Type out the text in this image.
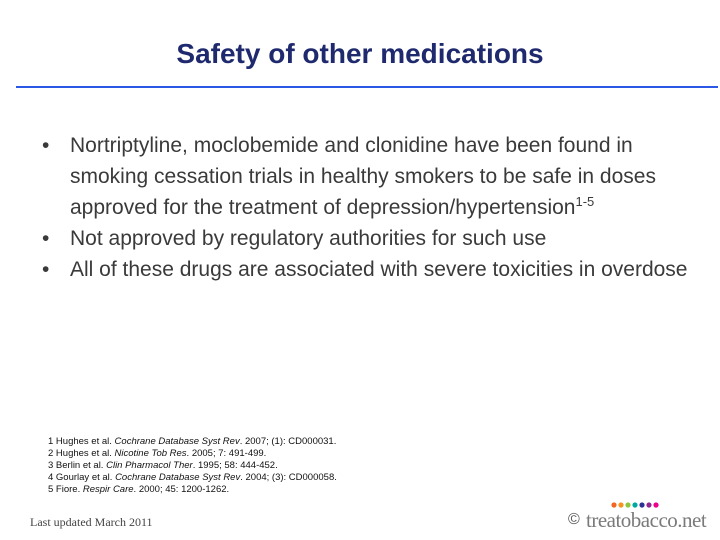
Safety of other medications
• Nortriptyline, moclobemide and clonidine have been found in smoking cessation trials in healthy smokers to be safe in doses approved for the treatment of depression/hypertension$^{1-5}$
• Not approved by regulatory authorities for such use
• All of these drugs are associated with severe toxicities in overdose
1 Hughes et al. Cochrane Database Syst Rev. 2007; (1): CD000031.
2 Hughes et al. Nicotine Tob Res. 2005; 7: 491-499.
3 Berlin et al. Clin Pharmacol Ther. 1995; 58: 444-452.
4 Gourlay et al. Cochrane Database Syst Rev. 2004; (3): CD000058.
5 Fiore. Respir Care. 2000; 45: 1200-1262.
Last updated March 2011	© treatobacco.net
